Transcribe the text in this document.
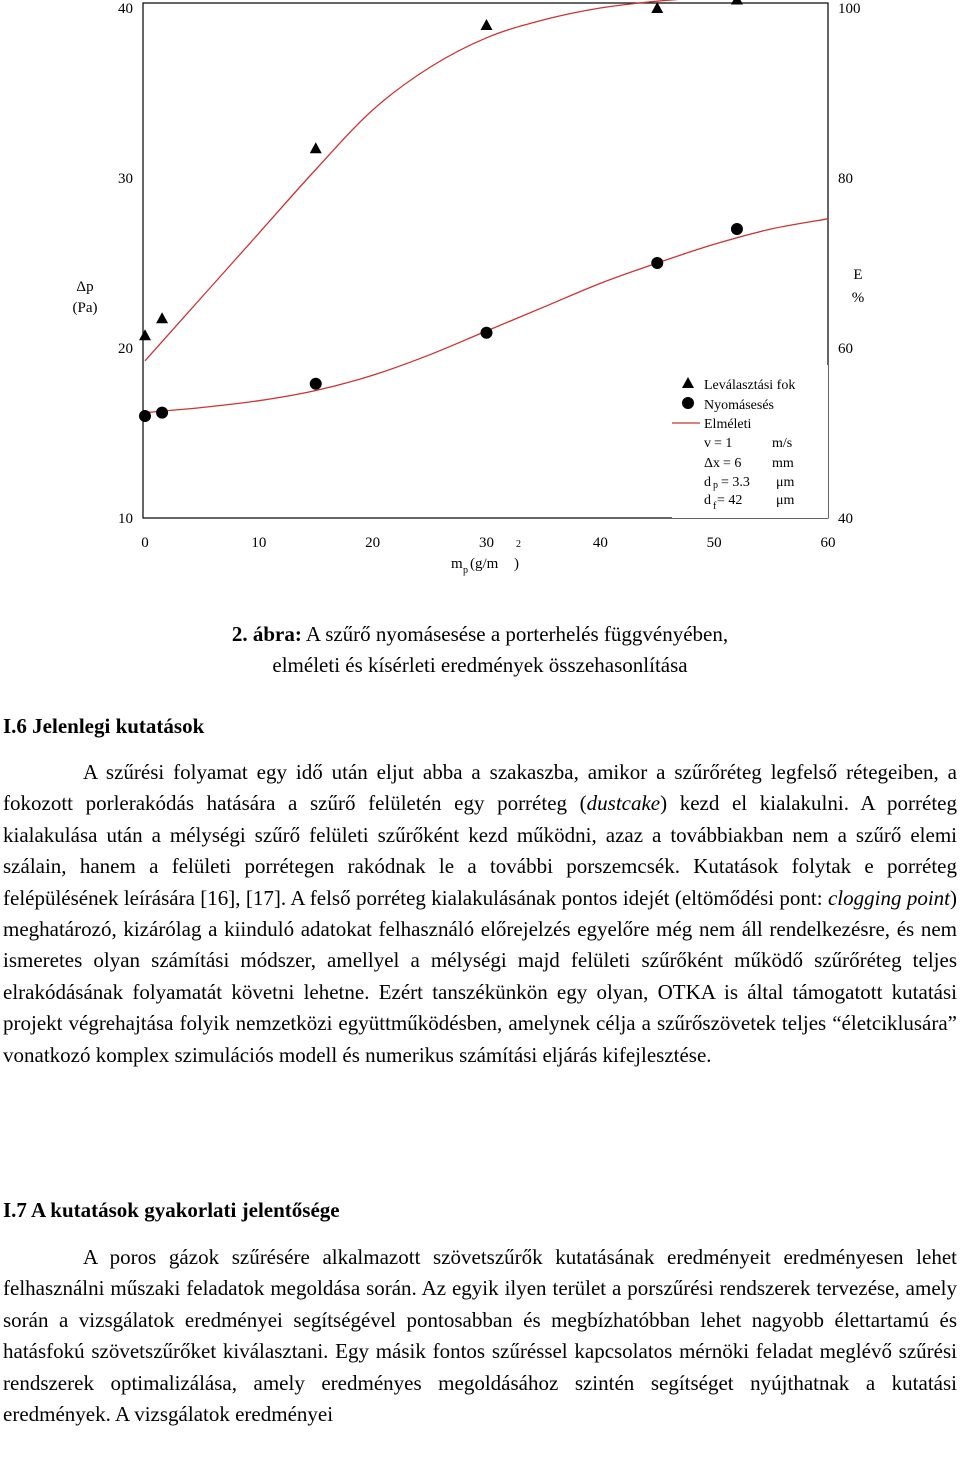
0	10	20	30	40	50	60
10
20
30
40
40
60
80
100
Δp
(Pa)
E
%
m p (g/m
2
)
Leválasztási fok
Nyomásesés
Elméleti
v = 1	m/s
Δx = 6 mm
d p = 3.3 μm
d f = 42 μm
2. ábra: A szűrő nyomásesése a porterhelés függvényében,
elméleti és kísérleti eredmények összehasonlítása
I.6 Jelenlegi kutatások

A szűrési folyamat egy idő után eljut abba a szakaszba, amikor a szűrőréteg legfelső rétegeiben, a fokozott porlerakódás hatására a szűrő felületén egy porréteg (dustcake) kezd el kialakulni. A porréteg kialakulása után a mélységi szűrő felületi szűrőként kezd működni, azaz a továbbiakban nem a szűrő elemi szálain, hanem a felületi porrétegen rakódnak le a további porszemcsék. Kutatások folytak e porréteg felépülésének leírására [16], [17]. A felső porréteg kialakulásának pontos idejét (eltömődési pont: clogging point) meghatározó, kizárólag a kiinduló adatokat felhasználó előrejelzés egyelőre még nem áll rendelkezésre, és nem ismeretes olyan számítási módszer, amellyel a mélységi majd felületi szűrőként működő szűrőréteg teljes elrakódásának folyamatát követni lehetne. Ezért tanszékünkön egy olyan, OTKA is által támogatott kutatási projekt végrehajtása folyik nemzetközi együttműködésben, amelynek célja a szűrőszövetek teljes “életciklusára” vonatkozó komplex szimulációs modell és numerikus számítási eljárás kifejlesztése.

I.7 A kutatások gyakorlati jelentősége

A poros gázok szűrésére alkalmazott szövetszűrők kutatásának eredményeit eredményesen lehet felhasználni műszaki feladatok megoldása során. Az egyik ilyen terület a porszűrési rendszerek tervezése, amely során a vizsgálatok eredményei segítségével pontosabban és megbízhatóbban lehet nagyobb élettartamú és hatásfokú szövetszűrőket kiválasztani. Egy másik fontos szűréssel kapcsolatos mérnöki feladat meglévő szűrési rendszerek optimalizálása, amely eredményes megoldásához szintén segítséget nyújthatnak a kutatási eredmények. A vizsgálatok eredményei
